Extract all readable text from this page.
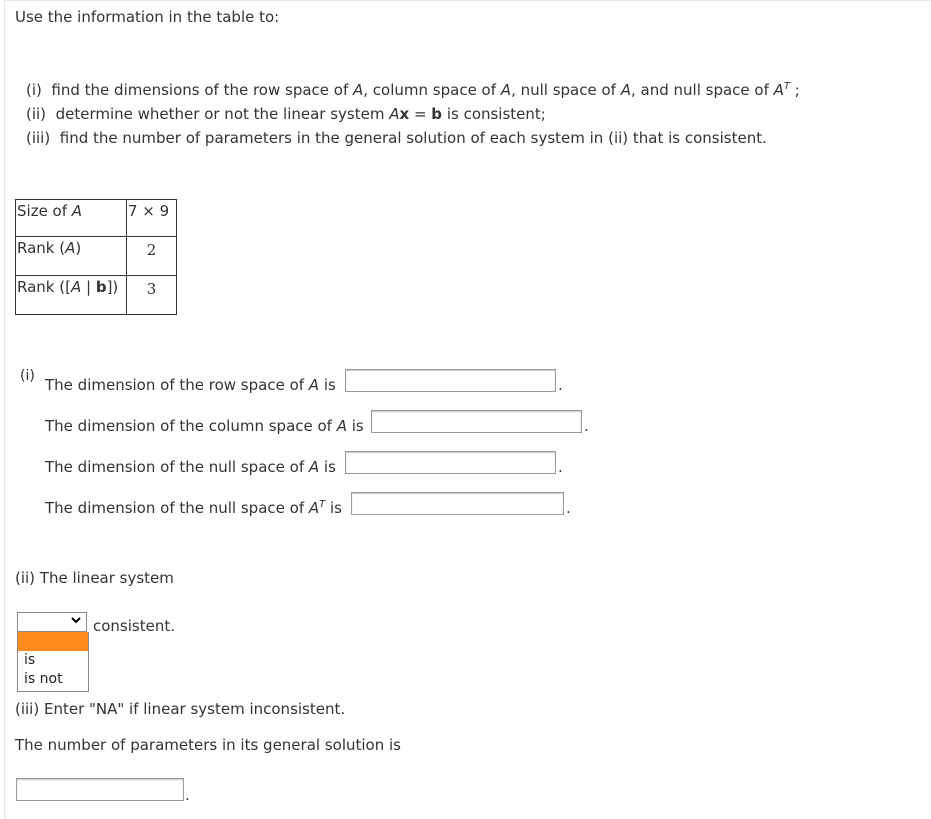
Use the information in the table to:
(i) find the dimensions of the row space of A, column space of A, null space of A, and null space of $A^T$ ;
(ii) determine whether or not the linear system Ax = b is consistent;
(iii) find the number of parameters in the general solution of each system in (ii) that is consistent.
Size of A	7 × 9
Rank (A)	2
Rank ([A | b])	3
(i) The dimension of the row space of A is	.
The dimension of the column space of A is	.
The dimension of the null space of A is	.
The dimension of the null space of $A^T$ is	.
(ii) The linear system
consistent.
is
is not
(iii) Enter "NA" if linear system inconsistent.
The number of parameters in its general solution is
.
